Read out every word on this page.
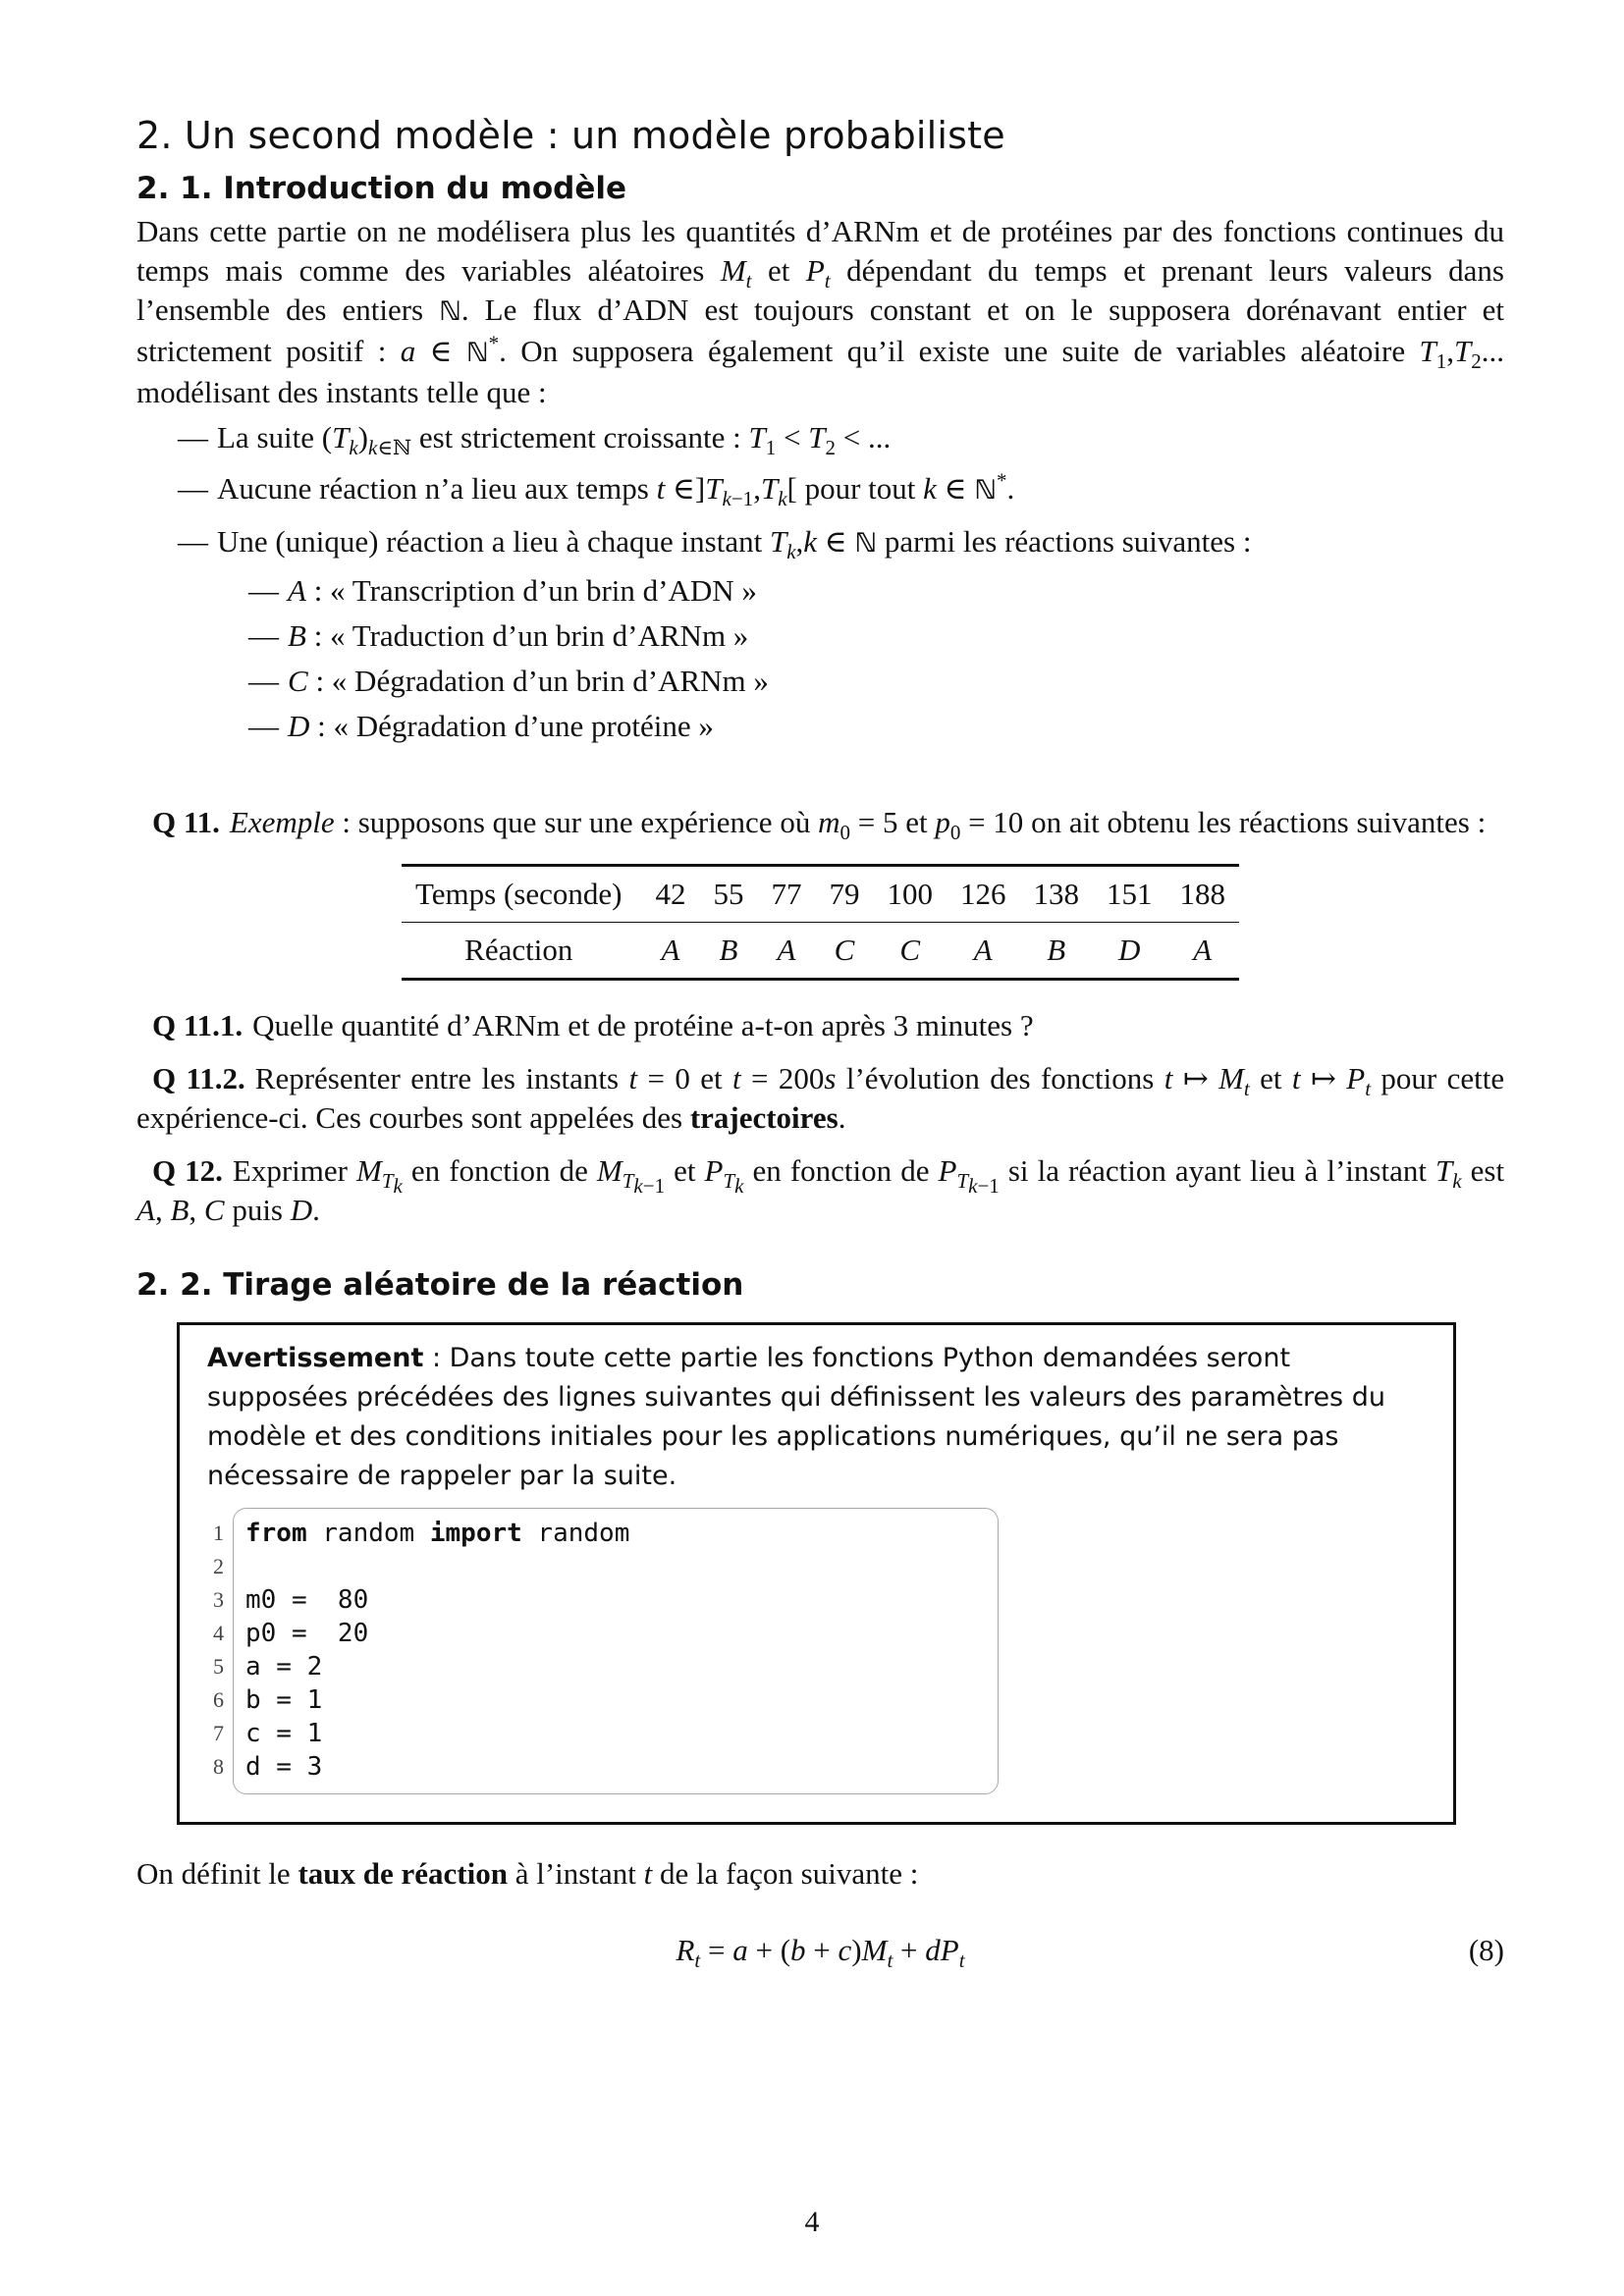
2. Un second modèle : un modèle probabiliste
2. 1. Introduction du modèle

Dans cette partie on ne modélisera plus les quantités d’ARNm et de protéines par des fonctions continues du temps mais comme des variables aléatoires $M_t$ et $P_t$ dépendant du temps et prenant leurs valeurs dans l’ensemble des entiers ℕ. Le flux d’ADN est toujours constant et on le supposera dorénavant entier et strictement positif : a ∈ ℕ*. On supposera également qu’il existe une suite de variables aléatoire $T_1,T_2$... modélisant des instants telle que :

— La suite $(T_k)_{k\in ℕ}$ est strictement croissante : $T_1 < T_2$ < ...
— Aucune réaction n’a lieu aux temps t $\in]T_{k-1},T_k$[ pour tout k ∈ ℕ*.
— Une (unique) réaction a lieu à chaque instant $T_k,k$ ∈ ℕ parmi les réactions suivantes :
— A : « Transcription d’un brin d’ADN »
— B : « Traduction d’un brin d’ARNm »
— C : « Dégradation d’un brin d’ARNm »
— D : « Dégradation d’une protéine »

Q 11. Exemple : supposons que sur une expérience où $m_0 = 5$ et $p_0 = 10$ on ait obtenu les réactions suivantes :

Temps (seconde)	42	55	77	79	100	126	138	151	188
Réaction	A	B	A	C	C	A	B	D	A

Q 11.1. Quelle quantité d’ARNm et de protéine a-t-on après 3 minutes ?

Q 11.2. Représenter entre les instants t = 0 et t = 200s l’évolution des fonctions t ↦ $M_t$ et t ↦ $P_t$ pour cette expérience-ci. Ces courbes sont appelées des trajectoires.

Q 12. Exprimer $M_{T_k}$ en fonction de $M_{T_{k-1}}$ et $P_{T_k}$ en fonction de $P_{T_{k-1}}$ si la réaction ayant lieu à l’instant $T_k$ est A, B, C puis D.

2. 2. Tirage aléatoire de la réaction

Avertissement : Dans toute cette partie les fonctions Python demandées seront supposées précédées des lignes suivantes qui définissent les valeurs des paramètres du modèle et des conditions initiales pour les applications numériques, qu’il ne sera pas nécessaire de rappeler par la suite.

1 from random import random
2
3 m0 =  80
4 p0 =  20
5 a = 2
6 b = 1
7 c = 1
8 d = 3

On définit le taux de réaction à l’instant t de la façon suivante :

$R_t = a + (b + c)M_t + dP_t$	(8)
4
